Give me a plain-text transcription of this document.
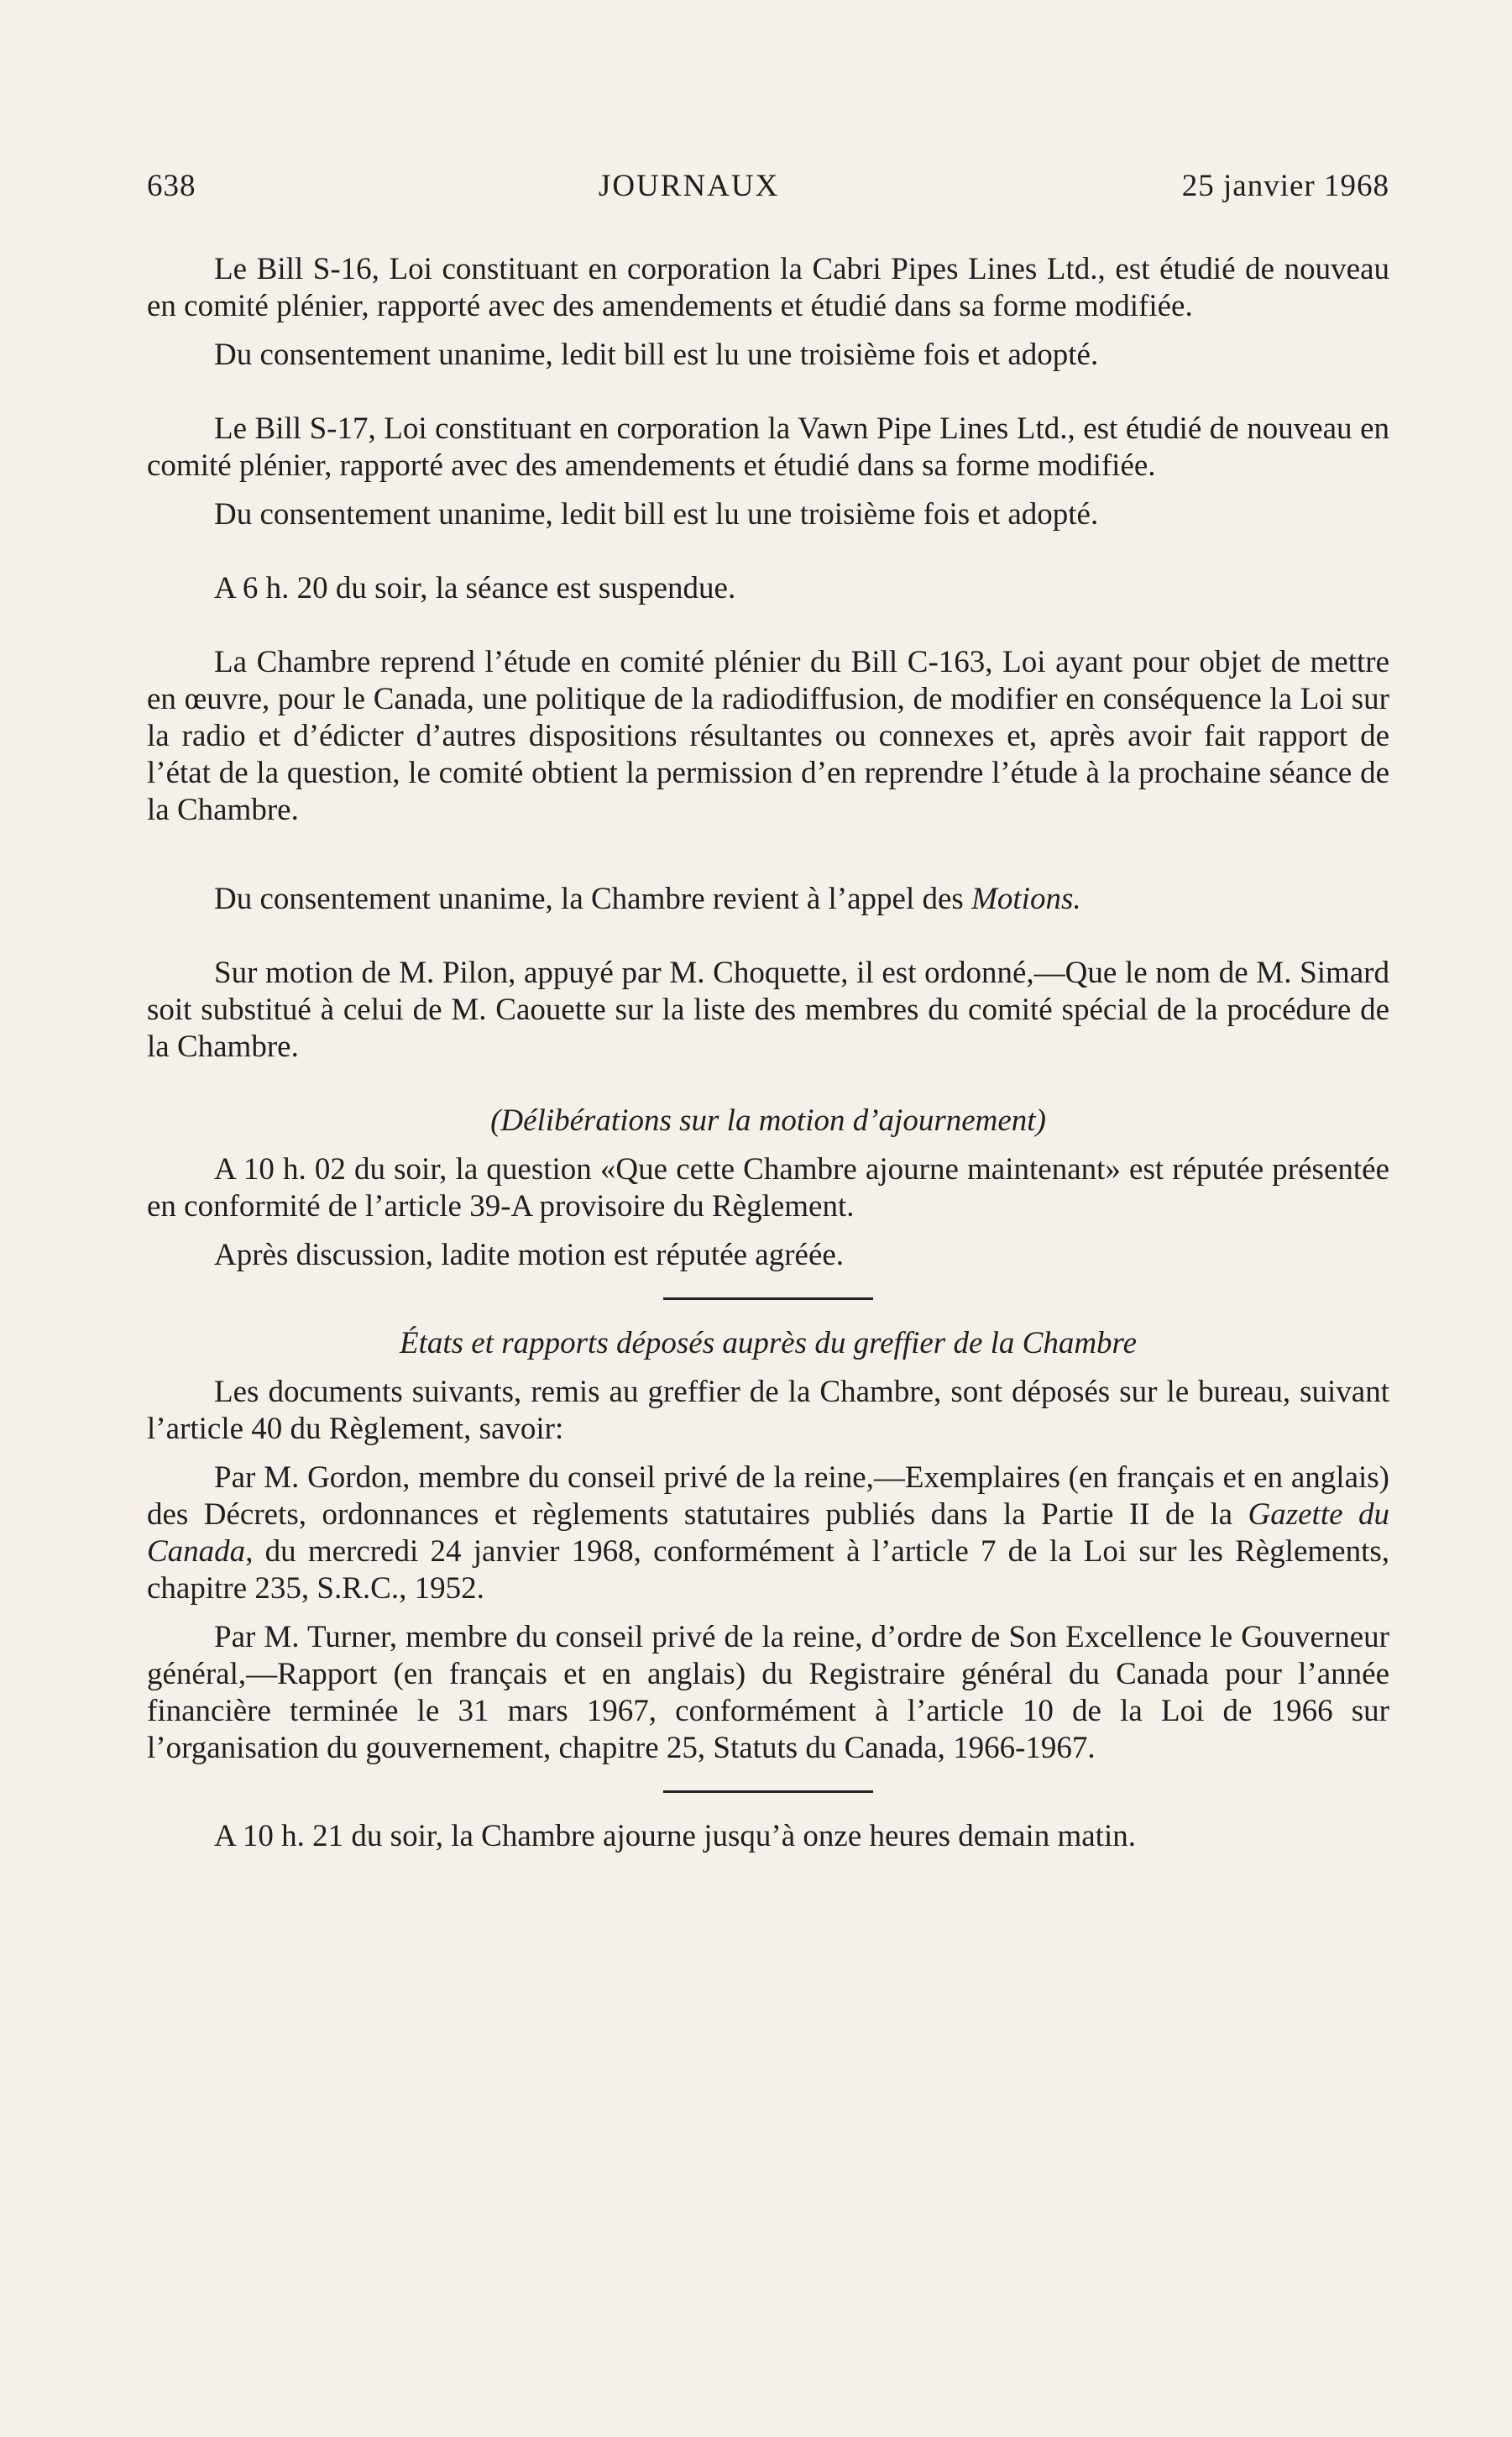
638	JOURNAUX	25 janvier 1968

Le Bill S-16, Loi constituant en corporation la Cabri Pipes Lines Ltd., est étudié de nouveau en comité plénier, rapporté avec des amendements et étudié dans sa forme modifiée.

Du consentement unanime, ledit bill est lu une troisième fois et adopté.

Le Bill S-17, Loi constituant en corporation la Vawn Pipe Lines Ltd., est étudié de nouveau en comité plénier, rapporté avec des amendements et étudié dans sa forme modifiée.

Du consentement unanime, ledit bill est lu une troisième fois et adopté.

A 6 h. 20 du soir, la séance est suspendue.

La Chambre reprend l’étude en comité plénier du Bill C-163, Loi ayant pour objet de mettre en œuvre, pour le Canada, une politique de la radiodiffusion, de modifier en conséquence la Loi sur la radio et d’édicter d’autres dispositions résultantes ou connexes et, après avoir fait rapport de l’état de la question, le comité obtient la permission d’en reprendre l’étude à la prochaine séance de la Chambre.

Du consentement unanime, la Chambre revient à l’appel des Motions.

Sur motion de M. Pilon, appuyé par M. Choquette, il est ordonné,—Que le nom de M. Simard soit substitué à celui de M. Caouette sur la liste des membres du comité spécial de la procédure de la Chambre.

(Délibérations sur la motion d’ajournement)

A 10 h. 02 du soir, la question «Que cette Chambre ajourne maintenant» est réputée présentée en conformité de l’article 39-A provisoire du Règlement.

Après discussion, ladite motion est réputée agréée.

États et rapports déposés auprès du greffier de la Chambre

Les documents suivants, remis au greffier de la Chambre, sont déposés sur le bureau, suivant l’article 40 du Règlement, savoir:

Par M. Gordon, membre du conseil privé de la reine,—Exemplaires (en français et en anglais) des Décrets, ordonnances et règlements statutaires publiés dans la Partie II de la Gazette du Canada, du mercredi 24 janvier 1968, conformément à l’article 7 de la Loi sur les Règlements, chapitre 235, S.R.C., 1952.

Par M. Turner, membre du conseil privé de la reine, d’ordre de Son Excellence le Gouverneur général,—Rapport (en français et en anglais) du Registraire général du Canada pour l’année financière terminée le 31 mars 1967, conformément à l’article 10 de la Loi de 1966 sur l’organisation du gouvernement, chapitre 25, Statuts du Canada, 1966-1967.

A 10 h. 21 du soir, la Chambre ajourne jusqu’à onze heures demain matin.
